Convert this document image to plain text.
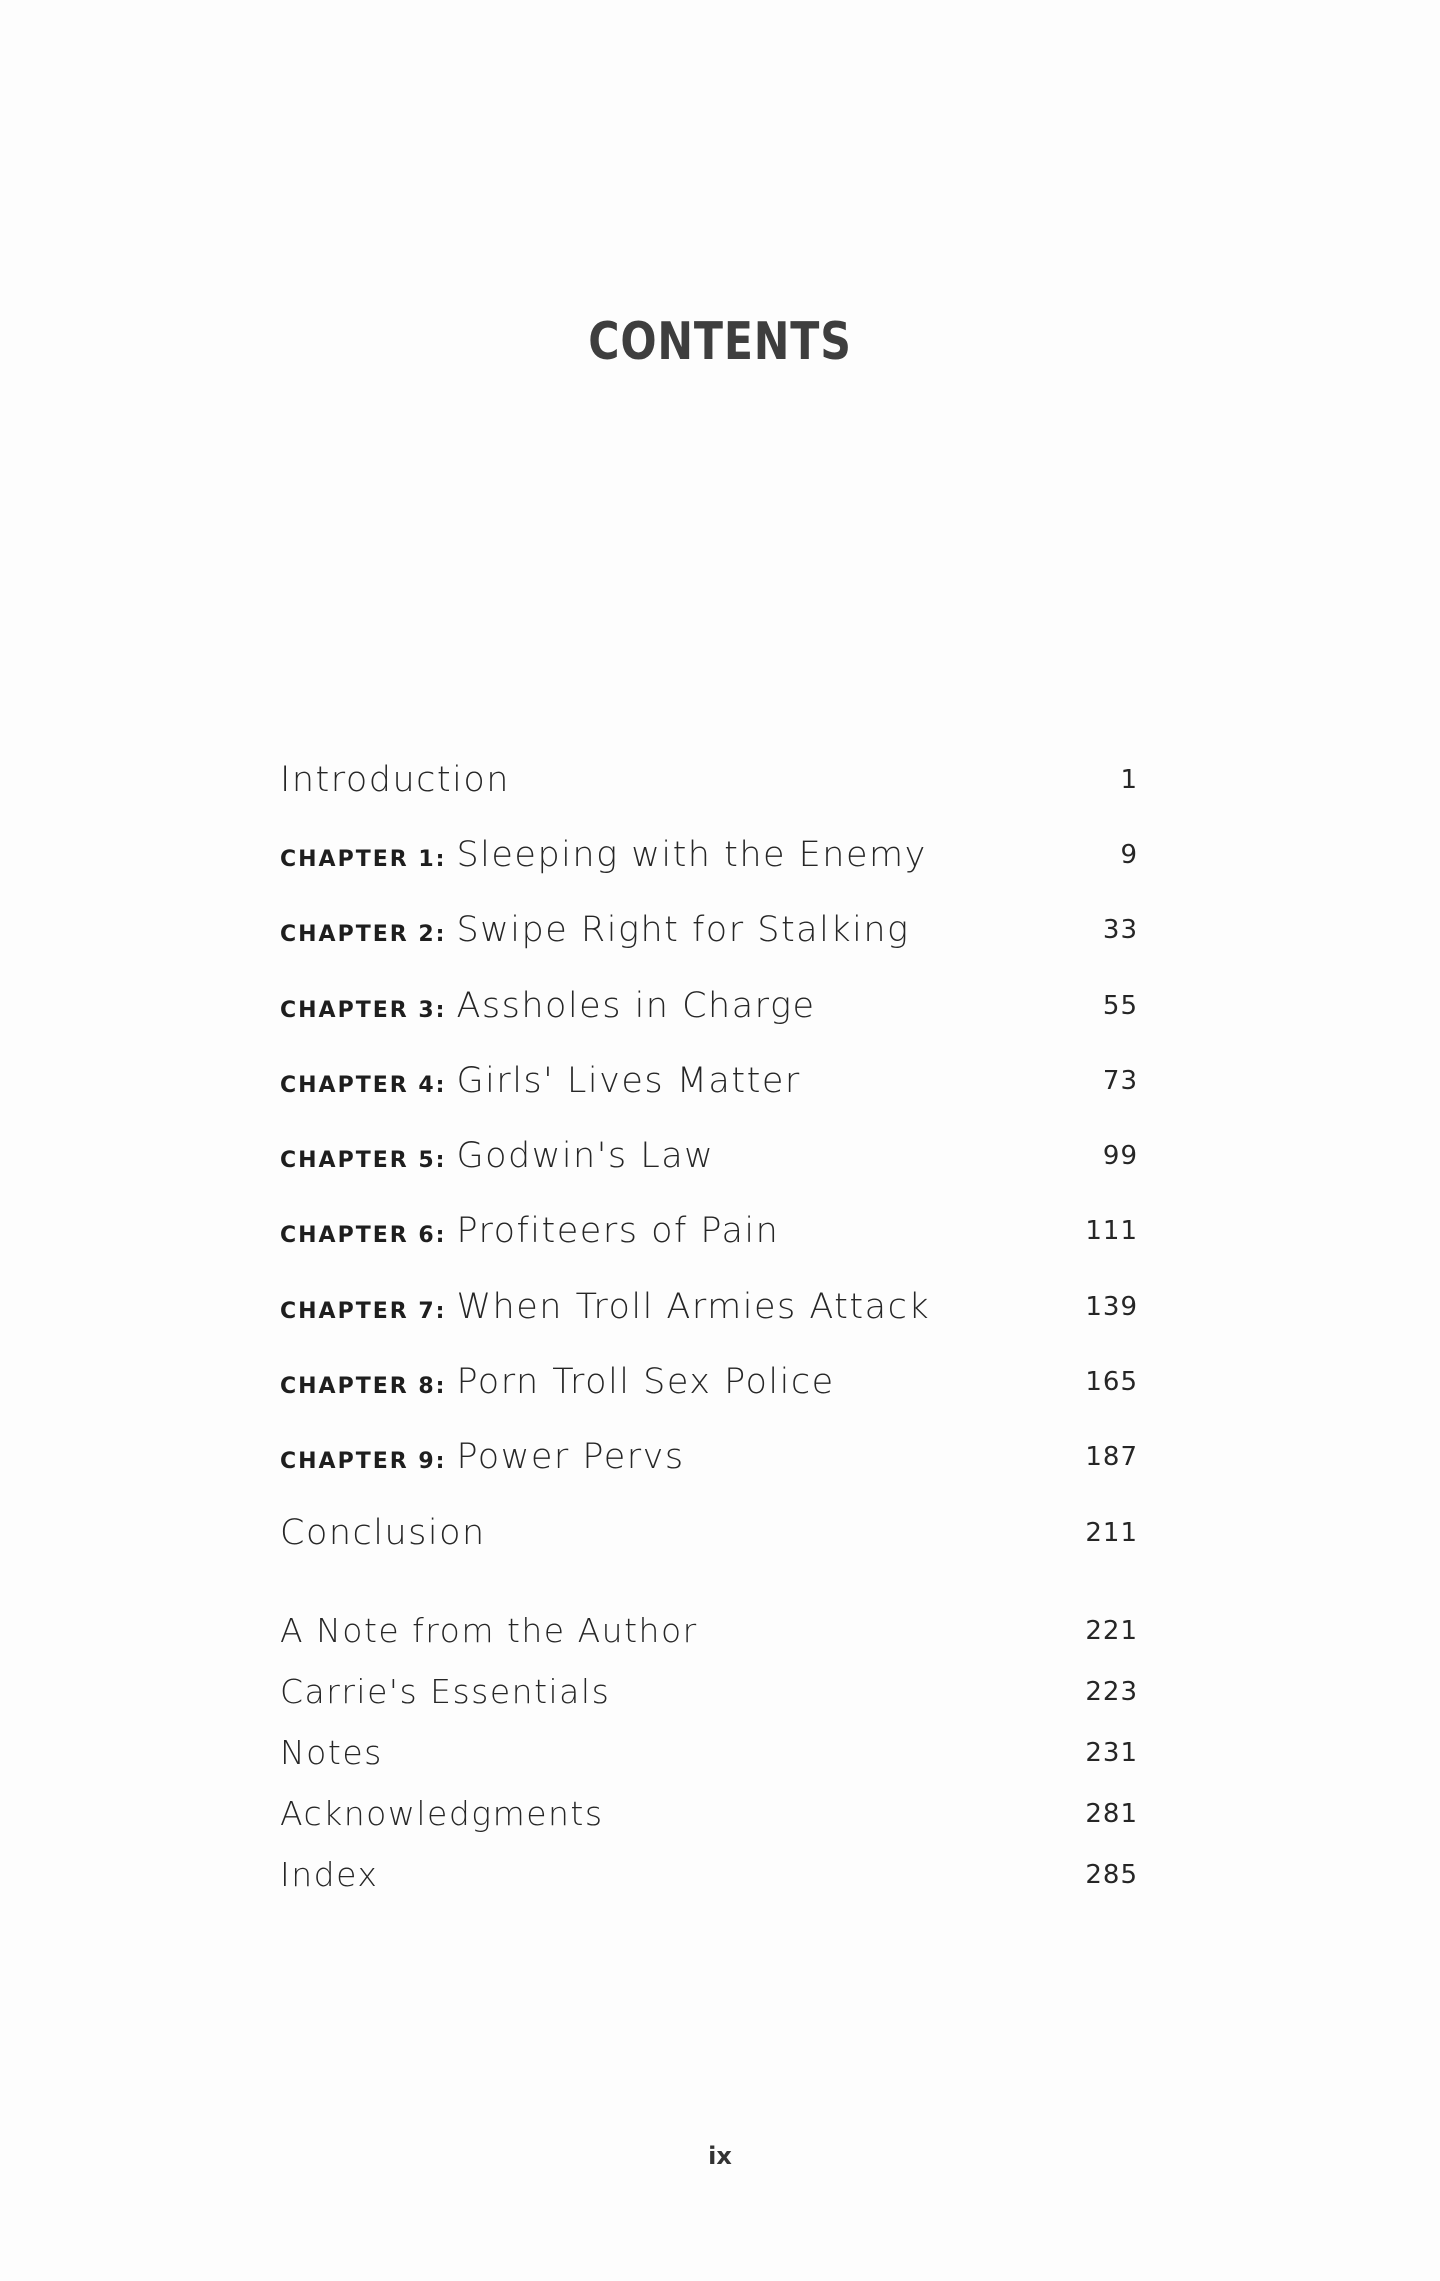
CONTENTS
Introduction	1
CHAPTER 1: Sleeping with the Enemy	9
CHAPTER 2: Swipe Right for Stalking	33
CHAPTER 3: Assholes in Charge	55
CHAPTER 4: Girls' Lives Matter	73
CHAPTER 5: Godwin's Law	99
CHAPTER 6: Profiteers of Pain	111
CHAPTER 7: When Troll Armies Attack	139
CHAPTER 8: Porn Troll Sex Police	165
CHAPTER 9: Power Pervs	187
Conclusion	211
A Note from the Author	221
Carrie's Essentials	223
Notes	231
Acknowledgments	281
Index	285
ix
